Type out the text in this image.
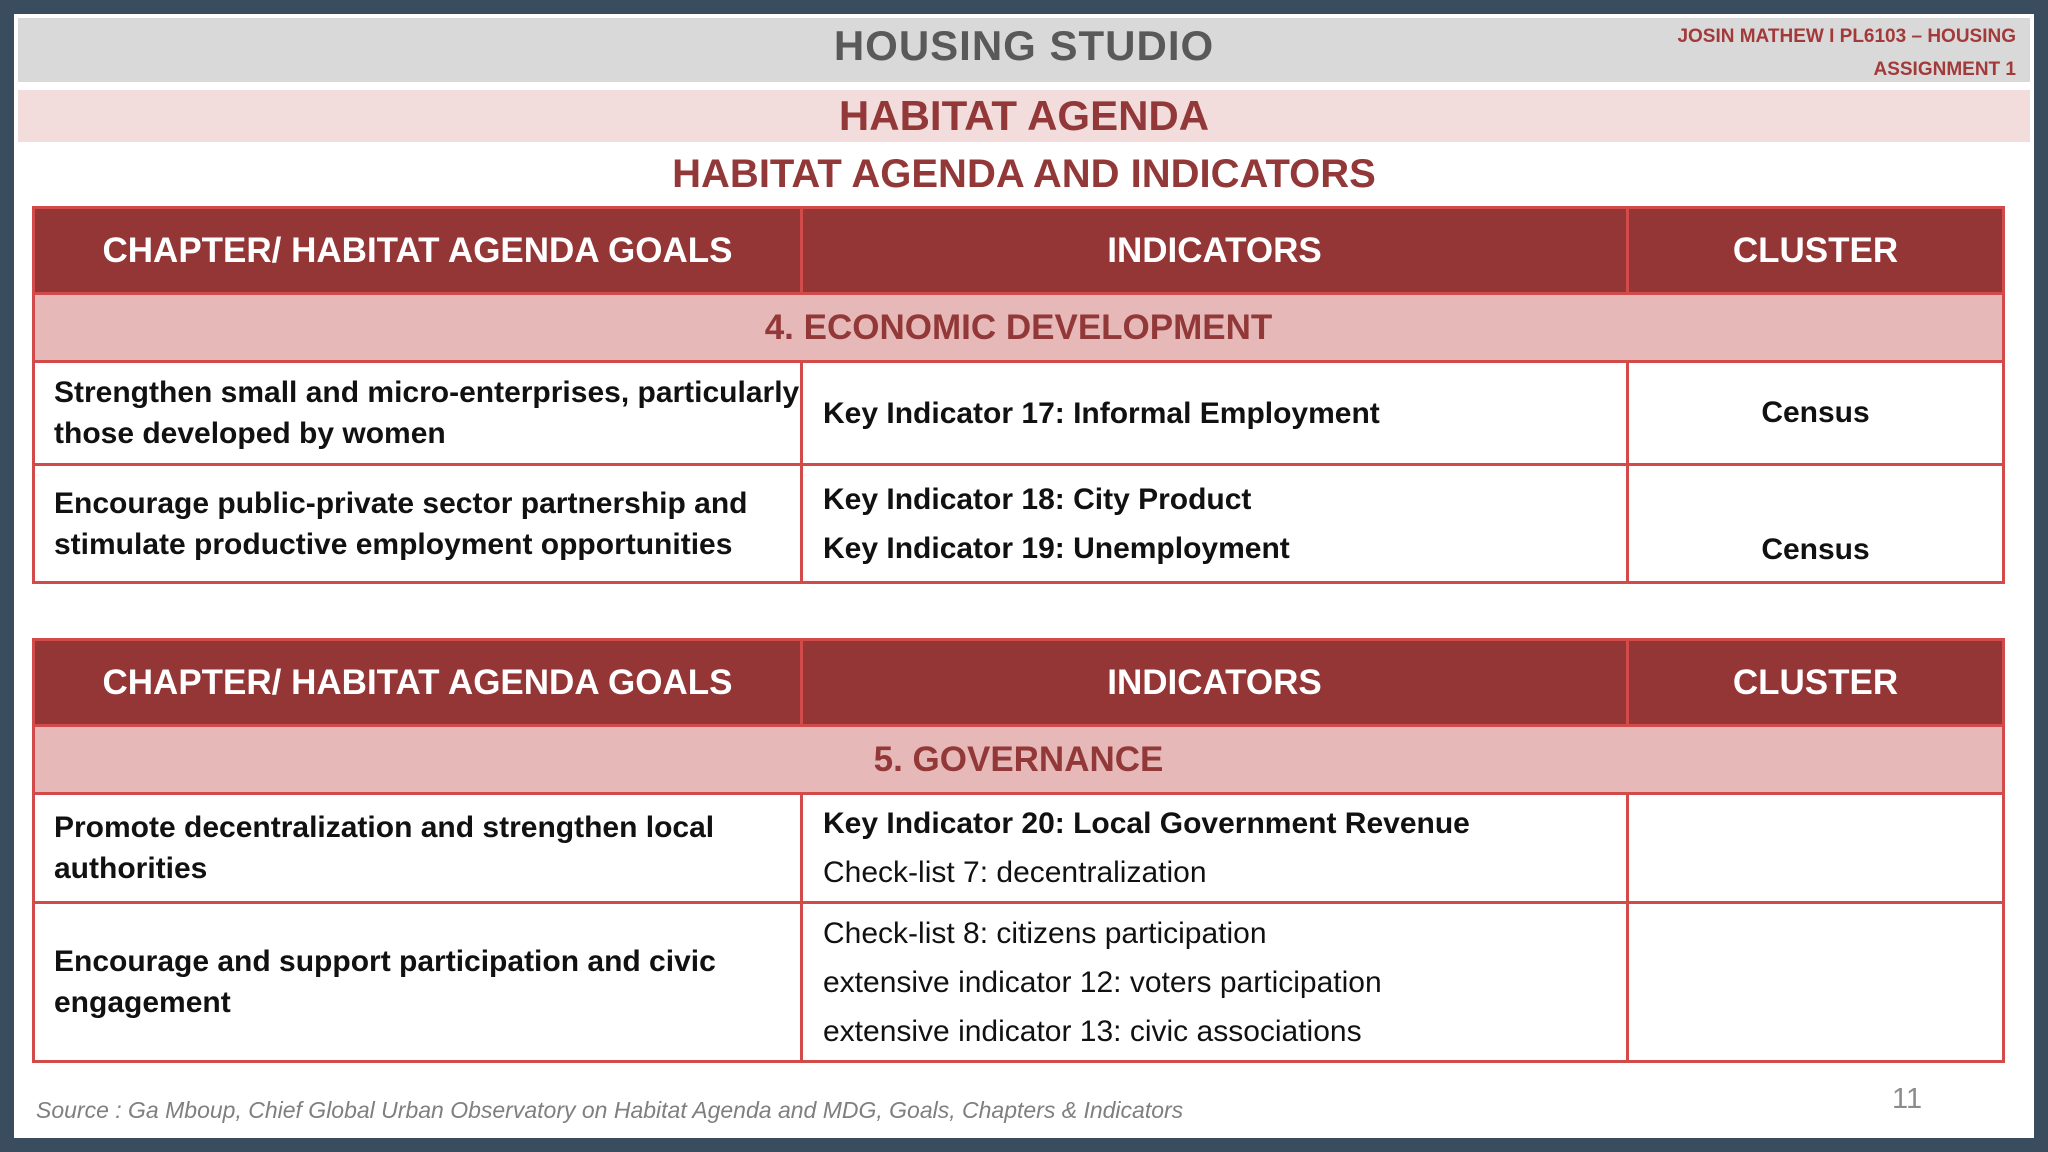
HOUSING STUDIO	JOSIN MATHEW I PL6103 – HOUSING
ASSIGNMENT 1
HABITAT AGENDA
HABITAT AGENDA AND INDICATORS
CHAPTER/ HABITAT AGENDA GOALS	INDICATORS	CLUSTER
4. ECONOMIC DEVELOPMENT		
Strengthen small and micro-enterprises, particularly those developed by women	Key Indicator 17: Informal Employment	Census
Encourage public-private sector partnership and stimulate productive employment opportunities	Key Indicator 18: City Product
Key Indicator 19: Unemployment	Census
CHAPTER/ HABITAT AGENDA GOALS	INDICATORS	CLUSTER
5. GOVERNANCE		
Promote decentralization and strengthen local authorities	Key Indicator 20: Local Government Revenue
Check-list 7: decentralization	

Encourage and support participation and civic engagement	Check-list 8: citizens participation
extensive indicator 12: voters participation
extensive indicator 13: civic associations	

Source : Ga Mboup, Chief Global Urban Observatory on Habitat Agenda and MDG, Goals, Chapters & Indicators	11
